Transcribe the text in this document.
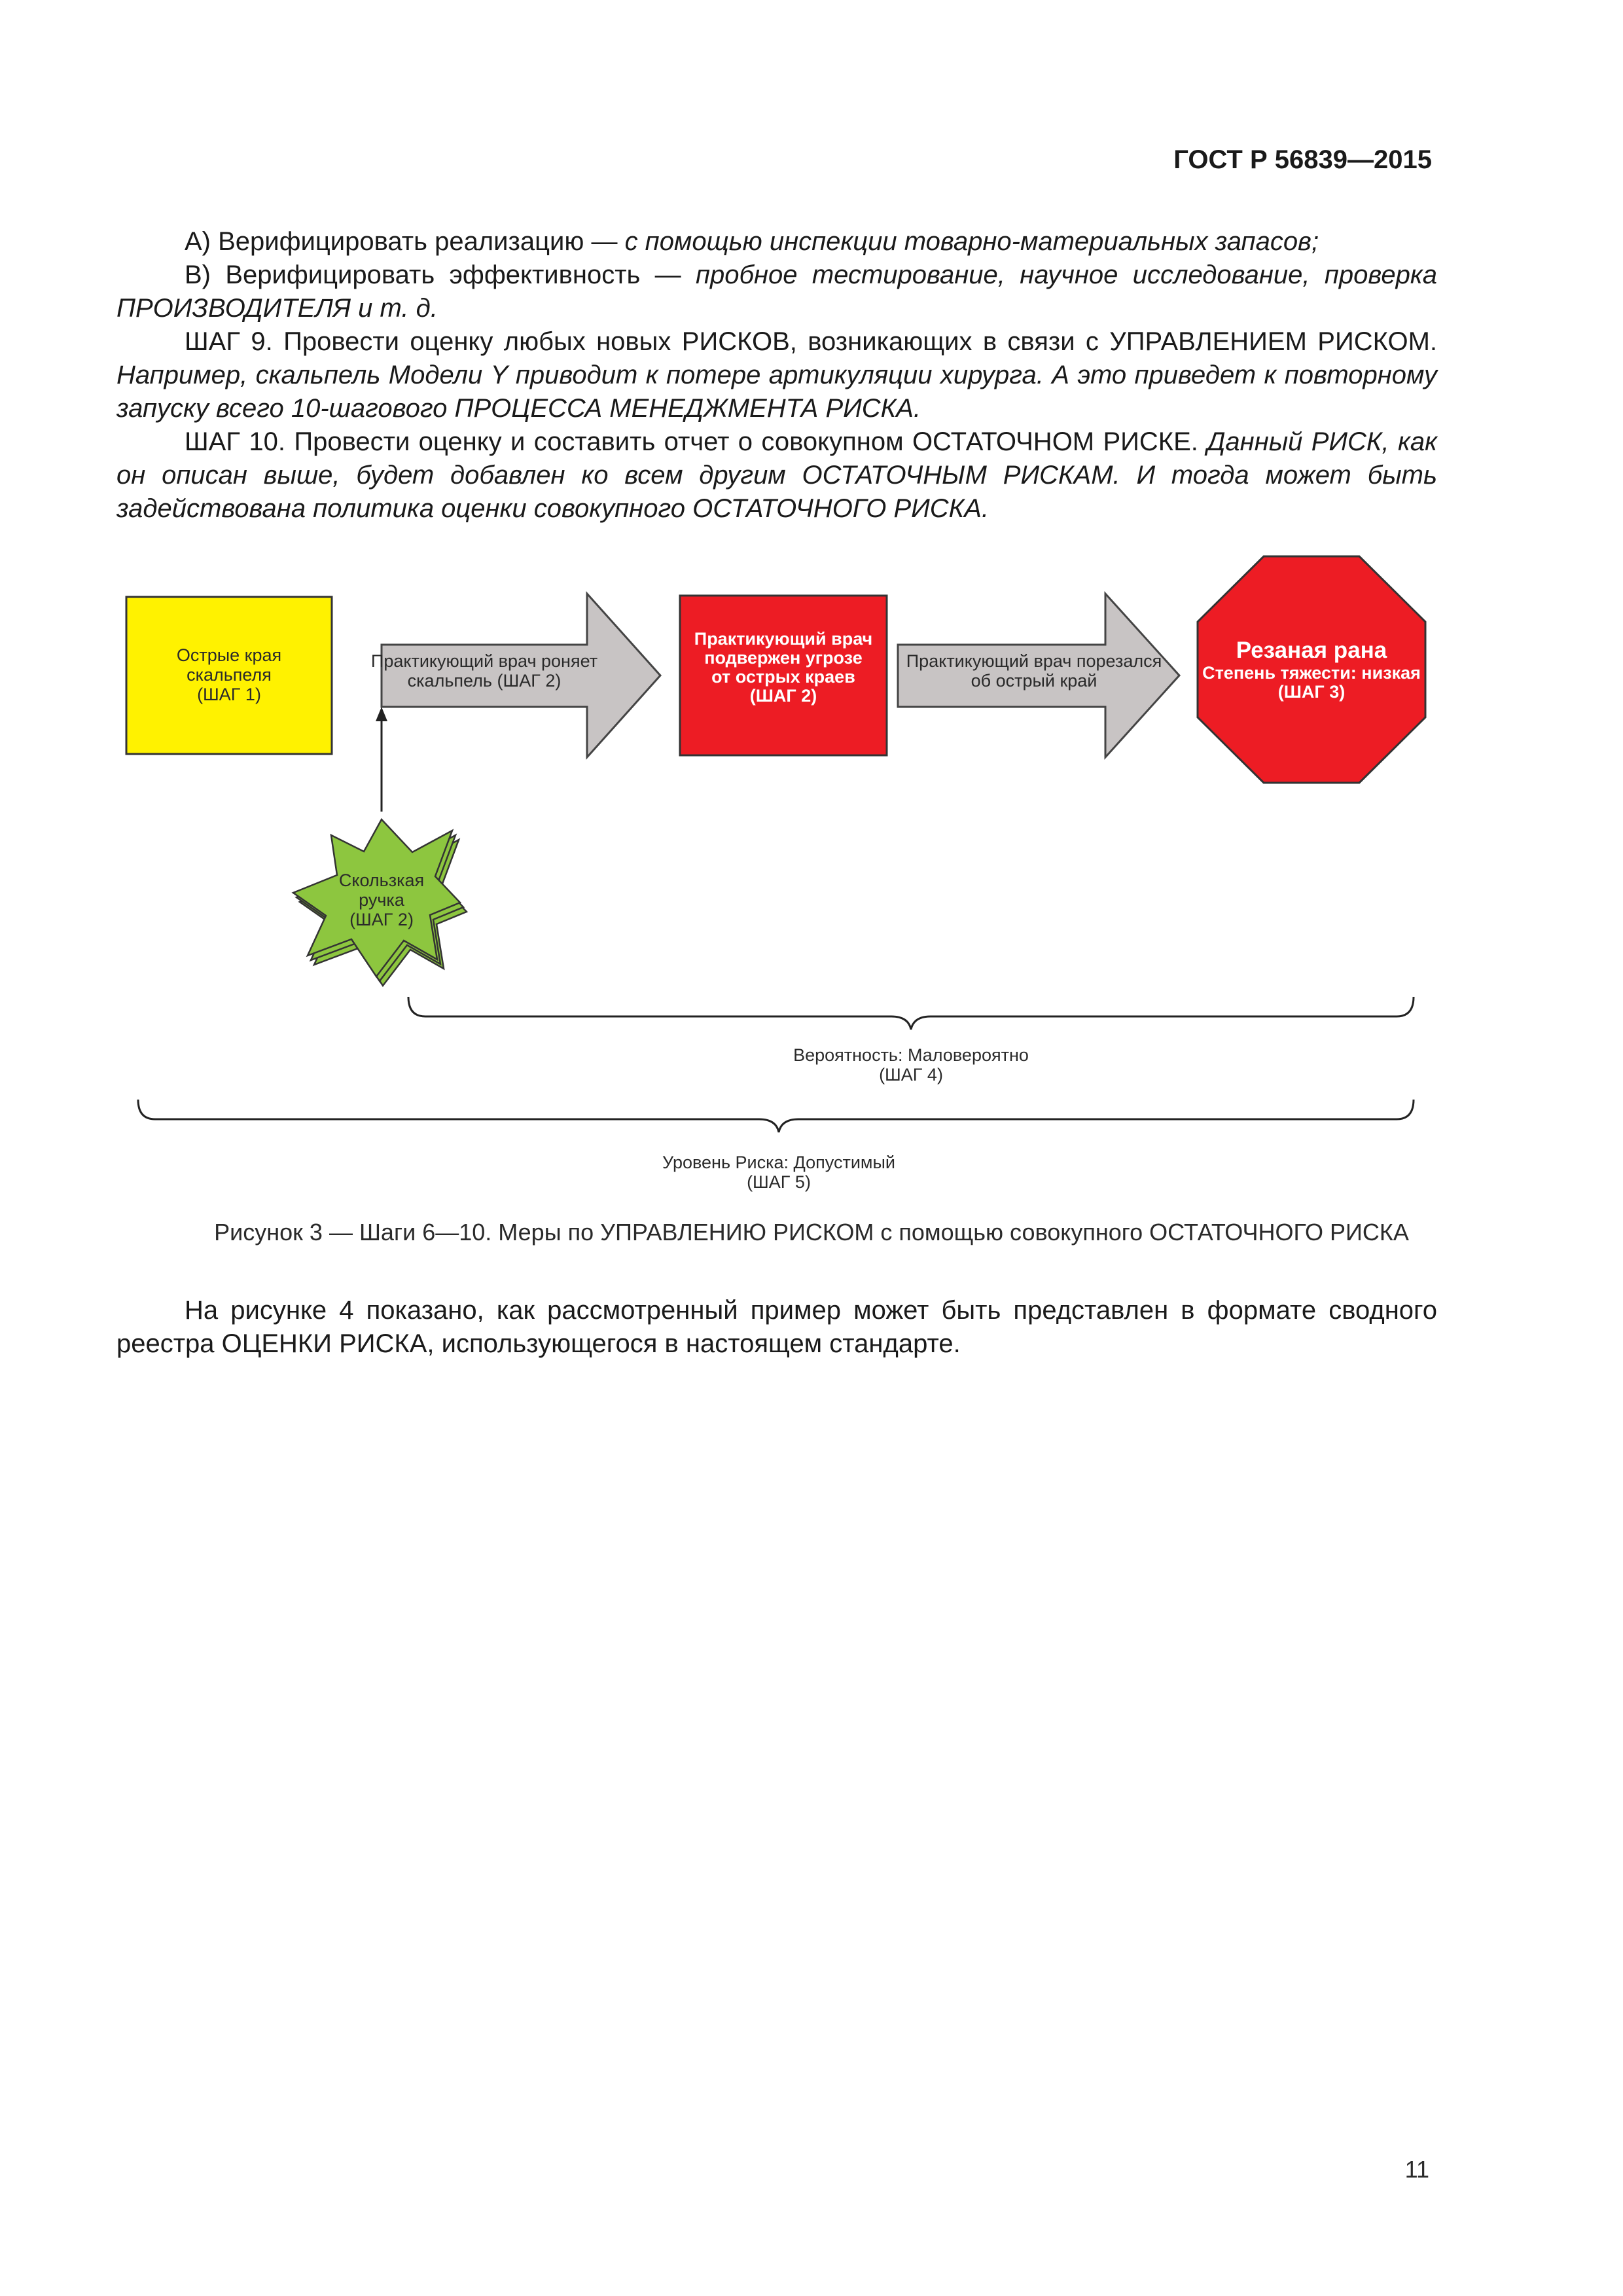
ГОСТ Р 56839—2015

А) Верифицировать реализацию — с помощью инспекции товарно-материальных запасов;

В) Верифицировать эффективность — пробное тестирование, научное исследование, проверка ПРОИЗВОДИТЕЛЯ и т. д.

ШАГ 9. Провести оценку любых новых РИСКОВ, возникающих в связи с УПРАВЛЕНИЕМ РИСКОМ. Например, скальпель Модели Y приводит к потере артикуляции хирурга. А это приведет к повторному запуску всего 10-шагового ПРОЦЕССА МЕНЕДЖМЕНТА РИСКА.

ШАГ 10. Провести оценку и составить отчет о совокупном ОСТАТОЧНОМ РИСКЕ. Данный РИСК, как он описан выше, будет добавлен ко всем другим ОСТАТОЧНЫМ РИСКАМ. И тогда может быть задействована политика оценки совокупного ОСТАТОЧНОГО РИСКА.

Острые края
скальпеля
(ШАГ 1)
Практикующий врач роняет
скальпель (ШАГ 2)
Практикующий врач
подвержен угрозе
от острых краев
(ШАГ 2)
Практикующий врач порезался
об острый край
Резаная рана
Степень тяжести: низкая
(ШАГ 3)
Скользкая
ручка
(ШАГ 2)
Вероятность: Маловероятно
(ШАГ 4)
Уровень Риска: Допустимый
(ШАГ 5)

Рисунок 3 — Шаги 6—10. Меры по УПРАВЛЕНИЮ РИСКОМ с помощью совокупного ОСТАТОЧНОГО РИСКА

На рисунке 4 показано, как рассмотренный пример может быть представлен в формате сводного реестра ОЦЕНКИ РИСКА, использующегося в настоящем стандарте.

11
